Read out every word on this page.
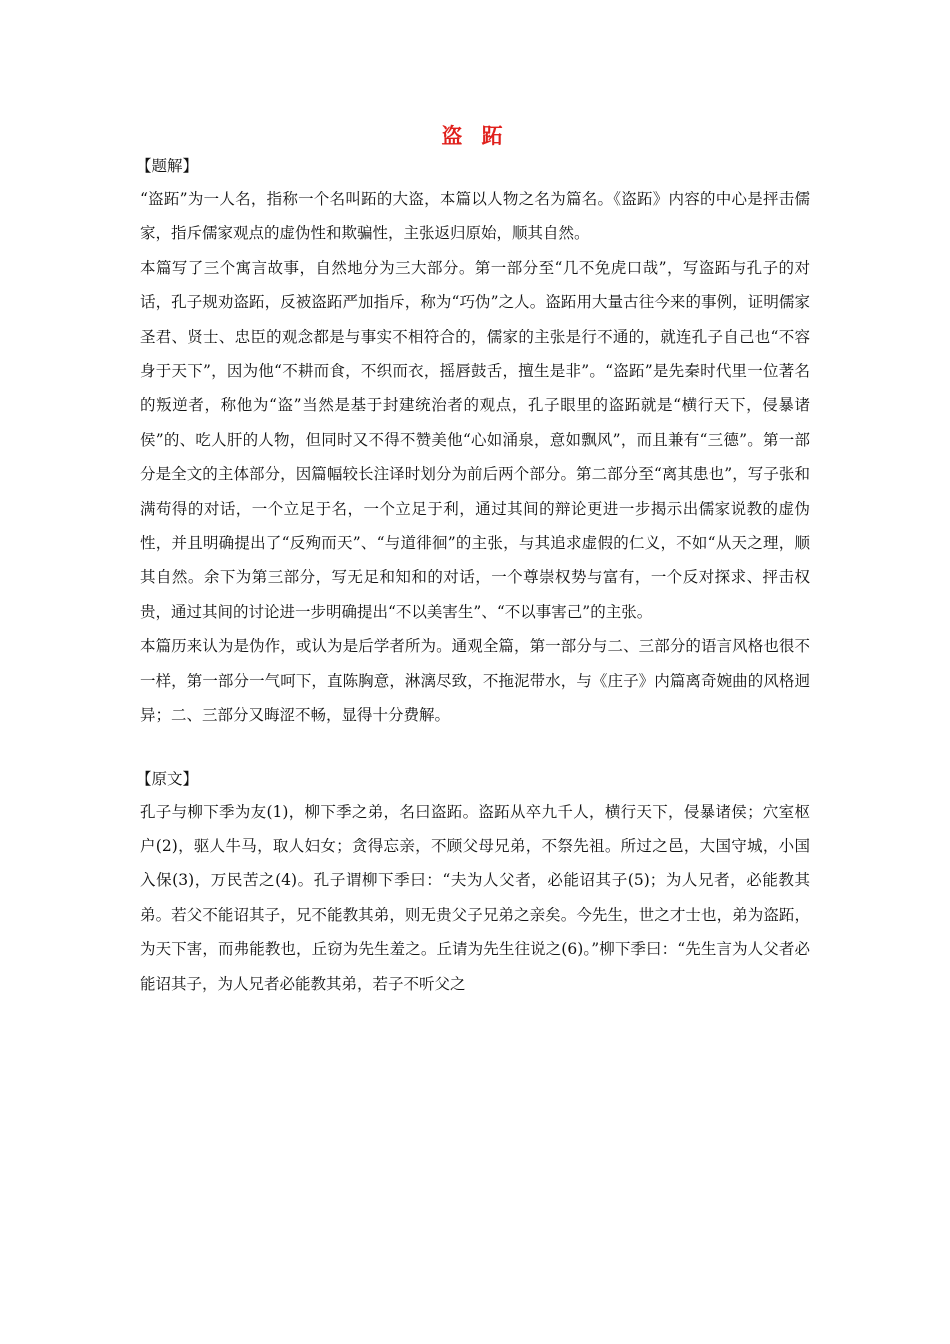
盗 跖
【题解】

“盗跖”为一人名，指称一个名叫跖的大盗，本篇以人物之名为篇名。《盗跖》内容的中心是抨击儒家，指斥儒家观点的虚伪性和欺骗性，主张返归原始，顺其自然。

本篇写了三个寓言故事，自然地分为三大部分。第一部分至“几不免虎口哉”，写盗跖与孔子的对话，孔子规劝盗跖，反被盗跖严加指斥，称为“巧伪”之人。盗跖用大量古往今来的事例，证明儒家圣君、贤士、忠臣的观念都是与事实不相符合的，儒家的主张是行不通的，就连孔子自己也“不容身于天下”，因为他“不耕而食，不织而衣，摇唇鼓舌，擅生是非”。“盗跖”是先秦时代里一位著名的叛逆者，称他为“盗”当然是基于封建统治者的观点，孔子眼里的盗跖就是“横行天下，侵暴诸侯”的、吃人肝的人物，但同时又不得不赞美他“心如涌泉，意如飘风”，而且兼有“三德”。第一部分是全文的主体部分，因篇幅较长注译时划分为前后两个部分。第二部分至“离其患也”，写子张和满苟得的对话，一个立足于名，一个立足于利，通过其间的辩论更进一步揭示出儒家说教的虚伪性，并且明确提出了“反殉而天”、“与道徘徊”的主张，与其追求虚假的仁义，不如“从天之理，顺其自然。余下为第三部分，写无足和知和的对话，一个尊崇权势与富有，一个反对探求、抨击权贵，通过其间的讨论进一步明确提出“不以美害生”、“不以事害己”的主张。

本篇历来认为是伪作，或认为是后学者所为。通观全篇，第一部分与二、三部分的语言风格也很不一样，第一部分一气呵下，直陈胸意，淋漓尽致，不拖泥带水，与《庄子》内篇离奇婉曲的风格迥异；二、三部分又晦涩不畅，显得十分费解。

【原文】

孔子与柳下季为友(1)，柳下季之弟，名曰盗跖。盗跖从卒九千人，横行天下，侵暴诸侯；穴室枢户(2)，驱人牛马，取人妇女；贪得忘亲，不顾父母兄弟，不祭先祖。所过之邑，大国守城，小国入保(3)，万民苦之(4)。孔子谓柳下季曰：“夫为人父者，必能诏其子(5)；为人兄者，必能教其弟。若父不能诏其子，兄不能教其弟，则无贵父子兄弟之亲矣。今先生，世之才士也，弟为盗跖，为天下害，而弗能教也，丘窃为先生羞之。丘请为先生往说之(6)。”柳下季曰：“先生言为人父者必能诏其子，为人兄者必能教其弟，若子不听父之
